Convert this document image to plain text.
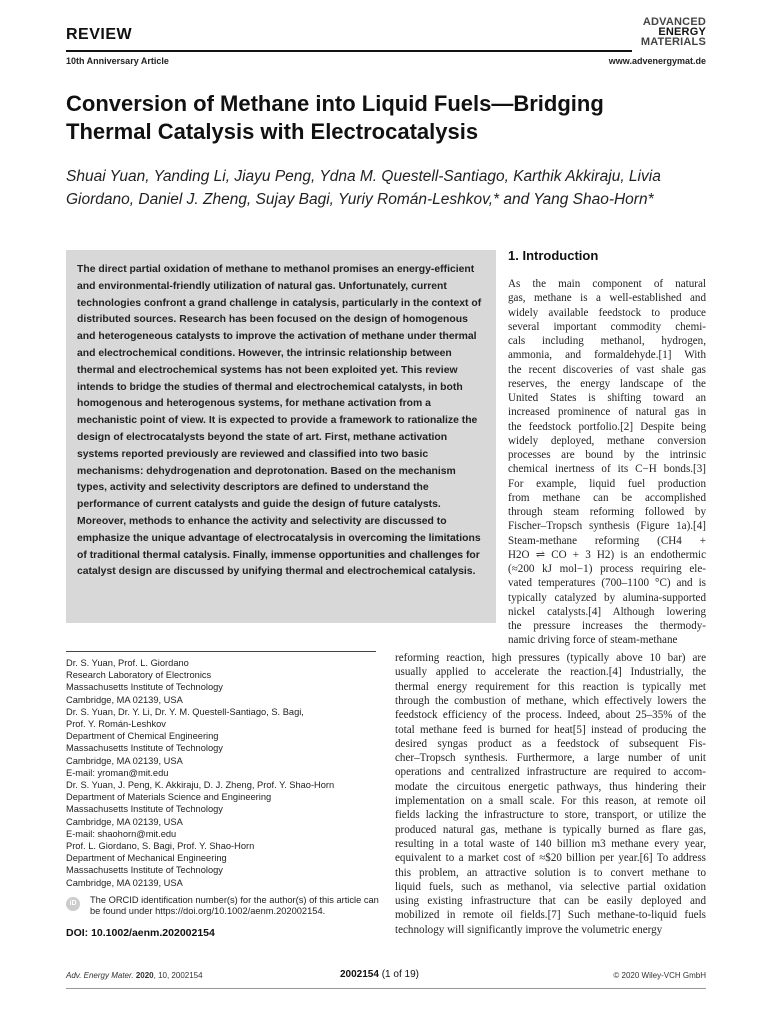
REVIEW
10th Anniversary Article
ADVANCED
ENERGY
MATERIALS
www.advenergymat.de
Conversion of Methane into Liquid Fuels—Bridging Thermal Catalysis with Electrocatalysis
Shuai Yuan, Yanding Li, Jiayu Peng, Ydna M. Questell-Santiago, Karthik Akkiraju, Livia Giordano, Daniel J. Zheng, Sujay Bagi, Yuriy Román-Leshkov,* and Yang Shao-Horn*
The direct partial oxidation of methane to methanol promises an energy-efficient and environmental-friendly utilization of natural gas. Unfortunately, current technologies confront a grand challenge in catalysis, particularly in the context of distributed sources. Research has been focused on the design of homogenous and heterogeneous catalysts to improve the activation of methane under thermal and electrochemical conditions. However, the intrinsic relationship between thermal and electrochemical systems has not been exploited yet. This review intends to bridge the studies of thermal and electrochemical catalysts, in both homogenous and heterogenous systems, for methane activation from a mechanistic point of view. It is expected to provide a framework to rationalize the design of electrocatalysts beyond the state of art. First, methane activation systems reported previously are reviewed and classified into two basic mechanisms: dehydrogenation and deprotonation. Based on the mechanism types, activity and selectivity descriptors are defined to understand the performance of current catalysts and guide the design of future catalysts. Moreover, methods to enhance the activity and selectivity are discussed to emphasize the unique advantage of electrocatalysis in overcoming the limitations of traditional thermal catalysis. Finally, immense opportunities and challenges for catalyst design are discussed by unifying thermal and electrochemical catalysis.
1. Introduction
As the main component of natural
gas, methane is a well-established and
widely available feedstock to produce
several important commodity chemi-
cals including methanol, hydrogen,
ammonia, and formaldehyde.[1] With
the recent discoveries of vast shale gas
reserves, the energy landscape of the
United States is shifting toward an
increased prominence of natural gas in
the feedstock portfolio.[2] Despite being
widely deployed, methane conversion
processes are bound by the intrinsic
chemical inertness of its C−H bonds.[3]
For example, liquid fuel production
from methane can be accomplished
through steam reforming followed by
Fischer–Tropsch synthesis (Figure 1a).[4]
Steam-methane reforming (CH4 +
H2O ⇌ CO + 3 H2) is an endothermic
(≈200 kJ mol−1) process requiring ele-
vated temperatures (700–1100 °C) and is
typically catalyzed by alumina-supported
nickel catalysts.[4] Although lowering
the pressure increases the thermody-
namic driving force of steam-methane
reforming reaction, high pressures (typically above 10 bar) are
usually applied to accelerate the reaction.[4] Industrially, the
thermal energy requirement for this reaction is typically met
through the combustion of methane, which effectively lowers the
feedstock efficiency of the process. Indeed, about 25–35% of the
total methane feed is burned for heat[5] instead of producing the
desired syngas product as a feedstock of subsequent Fis-
cher–Tropsch synthesis. Furthermore, a large number of unit
operations and centralized infrastructure are required to accom-
modate the circuitous energetic pathways, thus hindering their
implementation on a small scale. For this reason, at remote oil
fields lacking the infrastructure to store, transport, or utilize the
produced natural gas, methane is typically burned as flare gas,
resulting in a total waste of 140 billion m3 methane every year,
equivalent to a market cost of ≈$20 billion per year.[6] To address
this problem, an attractive solution is to convert methane to
liquid fuels, such as methanol, via selective partial oxidation
using existing infrastructure that can be easily deployed and
mobilized in remote oil fields.[7] Such methane-to-liquid fuels
technology will significantly improve the volumetric energy
Dr. S. Yuan, Prof. L. Giordano
Research Laboratory of Electronics
Massachusetts Institute of Technology
Cambridge, MA 02139, USA
Dr. S. Yuan, Dr. Y. Li, Dr. Y. M. Questell-Santiago, S. Bagi,
Prof. Y. Román-Leshkov
Department of Chemical Engineering
Massachusetts Institute of Technology
Cambridge, MA 02139, USA
E-mail: yroman@mit.edu
Dr. S. Yuan, J. Peng, K. Akkiraju, D. J. Zheng, Prof. Y. Shao-Horn
Department of Materials Science and Engineering
Massachusetts Institute of Technology
Cambridge, MA 02139, USA
E-mail: shaohorn@mit.edu
Prof. L. Giordano, S. Bagi, Prof. Y. Shao-Horn
Department of Mechanical Engineering
Massachusetts Institute of Technology
Cambridge, MA 02139, USA
iD	The ORCID identification number(s) for the author(s) of this article can be found under https://doi.org/10.1002/aenm.202002154.
DOI: 10.1002/aenm.202002154
Adv. Energy Mater. 2020, 10, 2002154	2002154 (1 of 19)	© 2020 Wiley-VCH GmbH
